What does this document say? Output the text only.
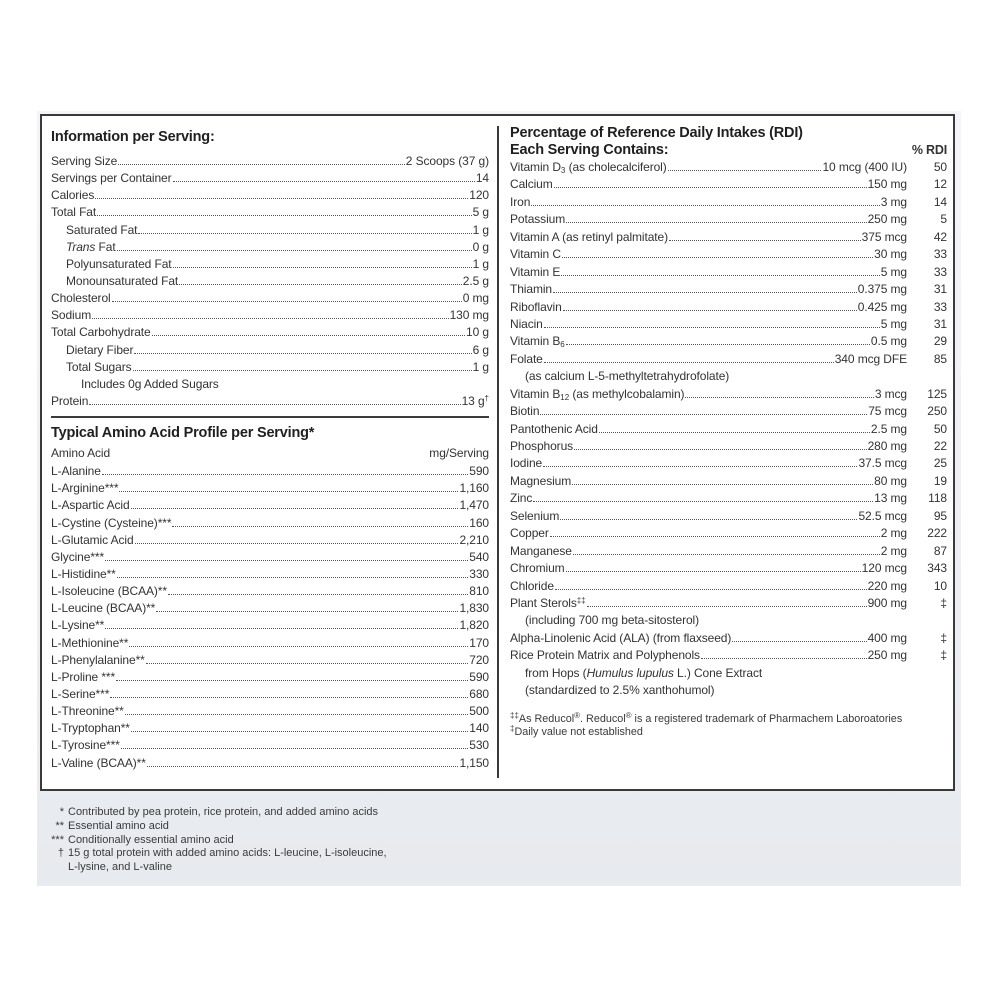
Information per Serving:
Serving Size	2 Scoops (37 g)
Servings per Container	14
Calories	120
Total Fat	5 g
Saturated Fat	1 g
Trans Fat	0 g
Polyunsaturated Fat	1 g
Monounsaturated Fat	2.5 g
Cholesterol	0 mg
Sodium	130 mg
Total Carbohydrate	10 g
Dietary Fiber	6 g
Total Sugars	1 g
Includes 0g Added Sugars
Protein	13 g†
Typical Amino Acid Profile per Serving*
Amino Acid	mg/Serving
L-Alanine	590
L-Arginine***	1,160
L-Aspartic Acid	1,470
L-Cystine (Cysteine)***	160
L-Glutamic Acid	2,210
Glycine***	540
L-Histidine**	330
L-Isoleucine (BCAA)**	810
L-Leucine (BCAA)**	1,830
L-Lysine**	1,820
L-Methionine**	170
L-Phenylalanine**	720
L-Proline ***	590
L-Serine***	680
L-Threonine**	500
L-Tryptophan**	140
L-Tyrosine***	530
L-Valine (BCAA)**	1,150
Percentage of Reference Daily Intakes (RDI)
Each Serving Contains:	% RDI
Vitamin $D_3$ (as cholecalciferol)	10 mcg (400 IU)	50
Calcium	150 mg	12
Iron	3 mg	14
Potassium	250 mg	5
Vitamin A (as retinyl palmitate)	375 mcg	42
Vitamin C	30 mg	33
Vitamin E	5 mg	33
Thiamin	0.375 mg	31
Riboflavin	0.425 mg	33
Niacin	5 mg	31
Vitamin $B_6$	0.5 mg	29
Folate	340 mcg DFE	85
(as calcium L-5-methyltetrahydrofolate)
Vitamin $B_{12}$ (as methylcobalamin)	3 mcg	125
Biotin	75 mcg	250
Pantothenic Acid	2.5 mg	50
Phosphorus	280 mg	22
Iodine	37.5 mcg	25
Magnesium	80 mg	19
Zinc	13 mg	118
Selenium	52.5 mcg	95
Copper	2 mg	222
Manganese	2 mg	87
Chromium	120 mcg	343
Chloride	220 mg	10
Plant Sterols‡‡	900 mg	‡
(including 700 mg beta-sitosterol)
Alpha-Linolenic Acid (ALA) (from flaxseed)	400 mg	‡
Rice Protein Matrix and Polyphenols	250 mg	‡
from Hops (Humulus lupulus L.) Cone Extract
(standardized to 2.5% xanthohumol)
‡‡As Reducol®. Reducol® is a registered trademark of Pharmachem Laboroatories
‡Daily value not established
* Contributed by pea protein, rice protein, and added amino acids
** Essential amino acid
*** Conditionally essential amino acid
† 15 g total protein with added amino acids: L-leucine, L-isoleucine,
L-lysine, and L-valine
